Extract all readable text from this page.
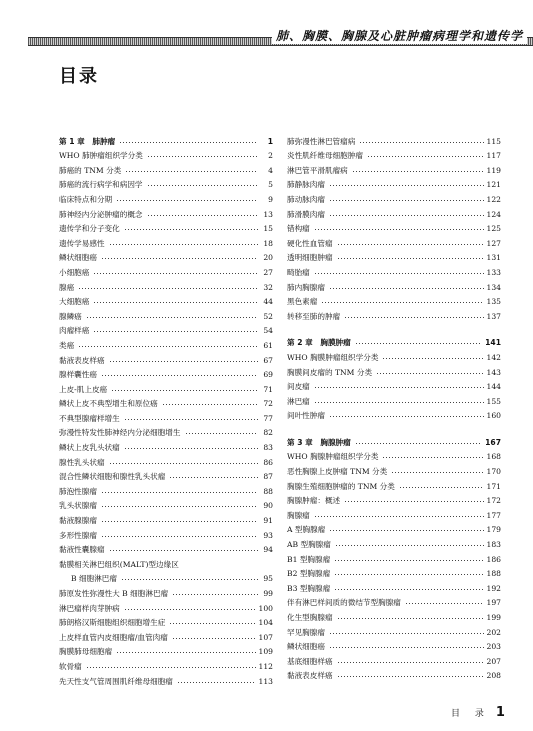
肺、胸膜、胸腺及心脏肿瘤病理学和遗传学
目录
第 1 章　肺肿瘤	1
WHO 肺肿瘤组织学分类	2
肺癌的 TNM 分类	4
肺癌的流行病学和病因学	5
临床特点和分期	9
肺神经内分泌肿瘤的概念	13
遗传学和分子变化	15
遗传学易感性	18
鳞状细胞癌	20
小细胞癌	27
腺癌	32
大细胞癌	44
腺鳞癌	52
肉瘤样癌	54
类癌	61
黏液表皮样癌	67
腺样囊性癌	69
上皮-肌上皮癌	71
鳞状上皮不典型增生和原位癌	72
不典型腺瘤样增生	77
弥漫性特发性肺神经内分泌细胞增生	82
鳞状上皮乳头状瘤	83
腺性乳头状瘤	86
混合性鳞状细胞和腺性乳头状瘤	87
肺泡性腺瘤	88
乳头状腺瘤	90
黏液腺腺瘤	91
多形性腺瘤	93
黏液性囊腺瘤	94
黏膜相关淋巴组织(MALT)型边缘区
B 细胞淋巴瘤	95
肺原发性弥漫性大 B 细胞淋巴瘤	99
淋巴瘤样肉芽肿病	100
肺朗格汉斯细胞组织细胞增生症	104
上皮样血管内皮细胞瘤/血管肉瘤	107
胸膜肺母细胞瘤	109
软骨瘤	112
先天性支气管周围肌纤维母细胞瘤	113
肺弥漫性淋巴管瘤病	115
炎性肌纤维母细胞肿瘤	117
淋巴管平滑肌瘤病	119
肺静脉肉瘤	121
肺动脉肉瘤	122
肺滑膜肉瘤	124
错构瘤	125
硬化性血管瘤	127
透明细胞肿瘤	131
畸胎瘤	133
肺内胸腺瘤	134
黑色素瘤	135
转移至肺的肿瘤	137
第 2 章　胸膜肿瘤	141
WHO 胸膜肿瘤组织学分类	142
胸膜间皮瘤的 TNM 分类	143
间皮瘤	144
淋巴瘤	155
间叶性肿瘤	160
第 3 章　胸腺肿瘤	167
WHO 胸腺肿瘤组织学分类	168
恶性胸腺上皮肿瘤 TNM 分类	170
胸腺生殖细胞肿瘤的 TNM 分类	171
胸腺肿瘤：概述	172
胸腺瘤	177
A 型胸腺瘤	179
AB 型胸腺瘤	183
B1 型胸腺瘤	186
B2 型胸腺瘤	188
B3 型胸腺瘤	192
伴有淋巴样间质的微结节型胸腺瘤	197
化生型胸腺瘤	199
罕见胸腺瘤	202
鳞状细胞癌	203
基底细胞样癌	207
黏液表皮样癌	208
目 录 1
